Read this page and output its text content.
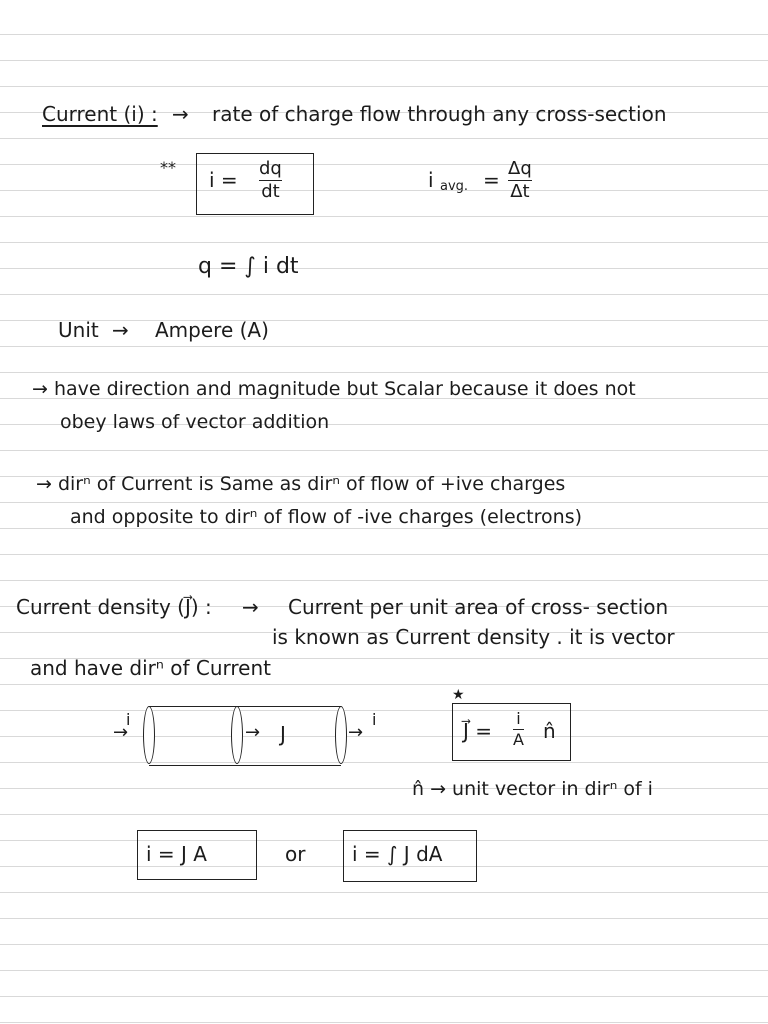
Current (i) : → rate of charge flow through any cross-section
**
i = dq
dt	i avg. = Δq
Δt
q = ∫ i dt
Unit → Ampere (A)
→ have direction and magnitude but Scalar because it does not
obey laws of vector addition
→ dirⁿ of Current is Same as dirⁿ of flow of +ive charges
and opposite to dirⁿ of flow of -ive charges (electrons)
Current density (J⃗) : → Current per unit area of cross- section
is known as Current density . it is vector
and have dirⁿ of Current
→
i
→ J	→
i
★
J⃗ =
i
A n̂
n̂ → unit vector in dirⁿ of i
i = J A	or i = ∫ J dA
